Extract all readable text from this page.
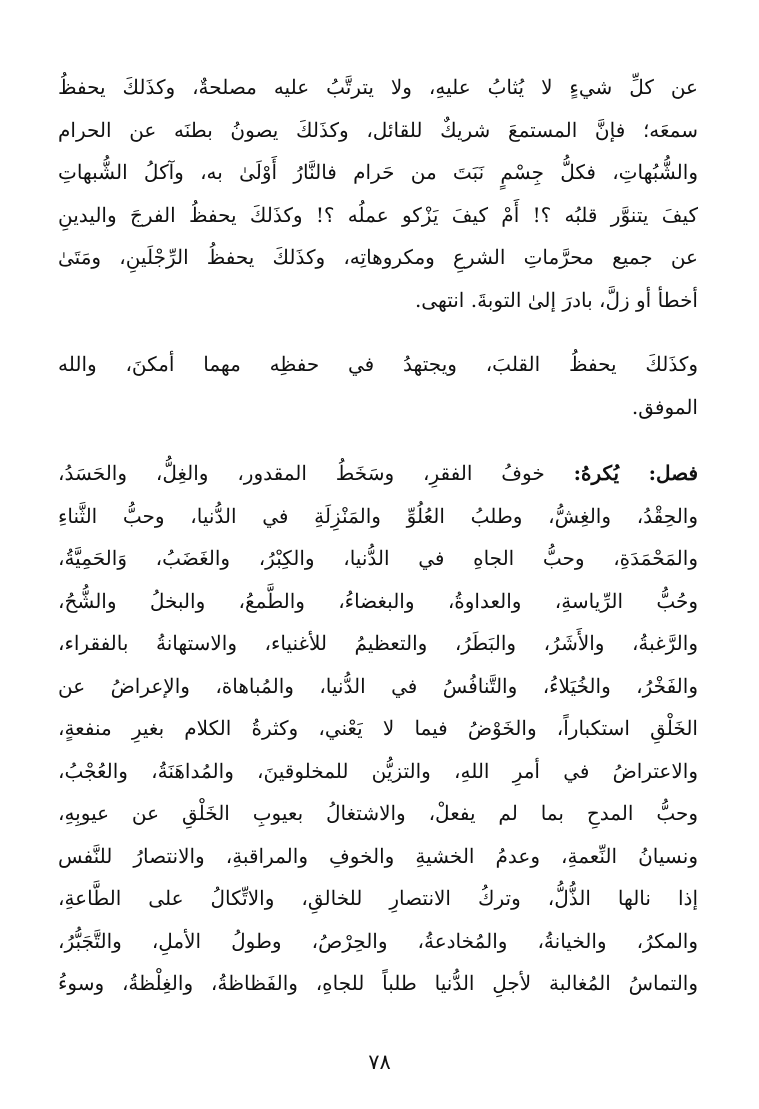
عن كلِّ شيءٍ لا يُثابُ عليهِ، ولا يترتَّبُ عليه مصلحةٌ، وكذَلكَ يحفظُ
سمعَه؛ فإنَّ المستمعَ شريكٌ للقائل، وكذَلكَ يصونُ بطنَه عن الحرام
والشُّبُهاتِ، فكلُّ جِسْمٍ نَبَتَ من حَرام فالنَّارُ أَوْلَىٰ به، وآكلُ الشُّبهاتِ
كيفَ يتنوَّر قلبُه ؟! أَمْ كيفَ يَزْكو عملُه ؟! وكذَلكَ يحفظُ الفرجَ واليدينِ
عن جميع محرَّماتِ الشرعِ ومكروهاتِه، وكذَلكَ يحفظُ الرِّجْلَينِ، ومَتَىٰ
أخطأ أو زلَّ، بادرَ إلىٰ التوبةَ. انتهى.
وكذَلكَ يحفظُ القلبَ، ويجتهدُ في حفظِه مهما أمكنَ، والله
الموفق.
فصل: يُكرهُ: خوفُ الفقرِ، وسَخَطُ المقدور، والغِلُّ، والحَسَدُ،
والحِقْدُ، والغِشُّ، وطلبُ العُلُوِّ والمَنْزِلَةِ في الدُّنيا، وحبُّ الثَّناءِ
والمَحْمَدَةِ، وحبُّ الجاهِ في الدُّنيا، والكِبْرُ، والغَضَبُ، وَالحَمِيَّةُ،
وحُبُّ الرِّياسةِ، والعداوةُ، والبغضاءُ، والطَّمعُ، والبخلُ والشُّحُ،
والرَّغبةُ، والأَشَرُ، والبَطَرُ، والتعظيمُ للأغنياء، والاستهانةُ بالفقراء،
والفَخْرُ، والخُيَلاءُ، والتَّنافُسُ في الدُّنيا، والمُباهاة، والإعراضُ عن
الخَلْقِ استكباراً، والخَوْضُ فيما لا يَعْني، وكثرةُ الكلام بغيرِ منفعةٍ،
والاعتراضُ في أمرِ اللهِ، والتزيُّن للمخلوقينَ، والمُداهَنَةُ، والعُجْبُ،
وحبُّ المدحِ بما لم يفعلْ، والاشتغالُ بعيوبِ الخَلْقِ عن عيوبِهِ،
ونسيانُ النِّعمةِ، وعدمُ الخشيةِ والخوفِ والمراقبةِ، والانتصارُ للنَّفس
إذا نالها الذُّلُّ، وتركُ الانتصارِ للخالقِ، والاتِّكالُ على الطَّاعةِ،
والمكرُ، والخيانةُ، والمُخادعةُ، والحِرْصُ، وطولُ الأملِ، والتَّجَبُّرُ،
والتماسُ المُغالبة لأجلِ الدُّنيا طلباً للجاهِ، والفَظاظةُ، والغِلْظةُ، وسوءُ
٧٨
